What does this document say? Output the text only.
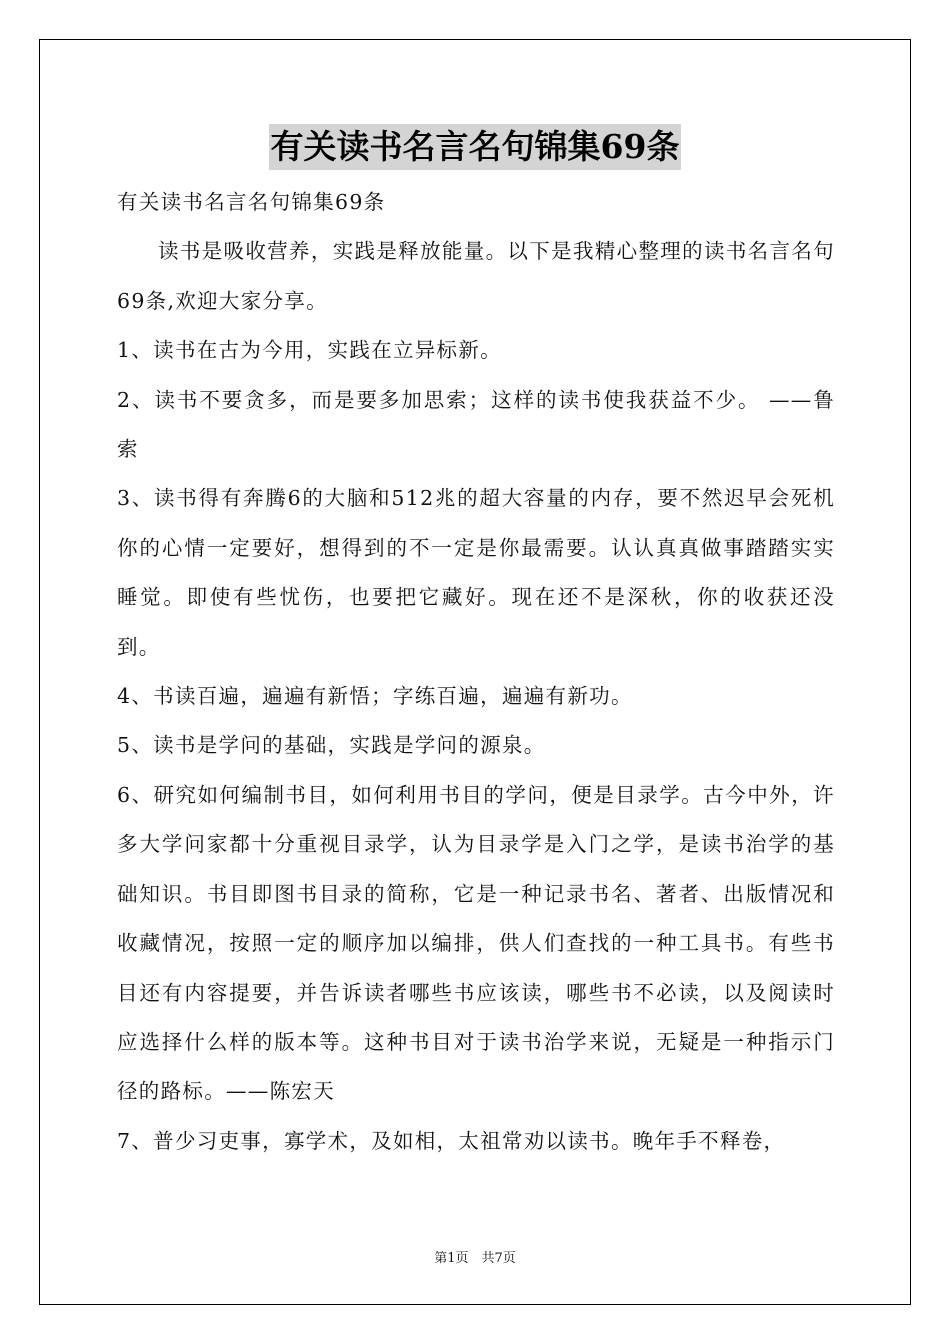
有关读书名言名句锦集69条

有关读书名言名句锦集69条

读书是吸收营养，实践是释放能量。以下是我精心整理的读书名言名句69条,欢迎大家分享。

1、读书在古为今用，实践在立异标新。

2、读书不要贪多，而是要多加思索；这样的读书使我获益不少。 ——鲁索

3、读书得有奔腾6的大脑和512兆的超大容量的内存，要不然迟早会死机你的心情一定要好，想得到的不一定是你最需要。认认真真做事踏踏实实睡觉。即使有些忧伤，也要把它藏好。现在还不是深秋，你的收获还没到。

4、书读百遍，遍遍有新悟；字练百遍，遍遍有新功。

5、读书是学问的基础，实践是学问的源泉。

6、研究如何编制书目，如何利用书目的学问，便是目录学。古今中外，许多大学问家都十分重视目录学，认为目录学是入门之学，是读书治学的基础知识。书目即图书目录的简称，它是一种记录书名、著者、出版情况和收藏情况，按照一定的顺序加以编排，供人们查找的一种工具书。有些书目还有内容提要，并告诉读者哪些书应该读，哪些书不必读，以及阅读时应选择什么样的版本等。这种书目对于读书治学来说，无疑是一种指示门径的路标。——陈宏天

7、普少习吏事，寡学术，及如相，太祖常劝以读书。晚年手不释卷，

第1页　共7页
